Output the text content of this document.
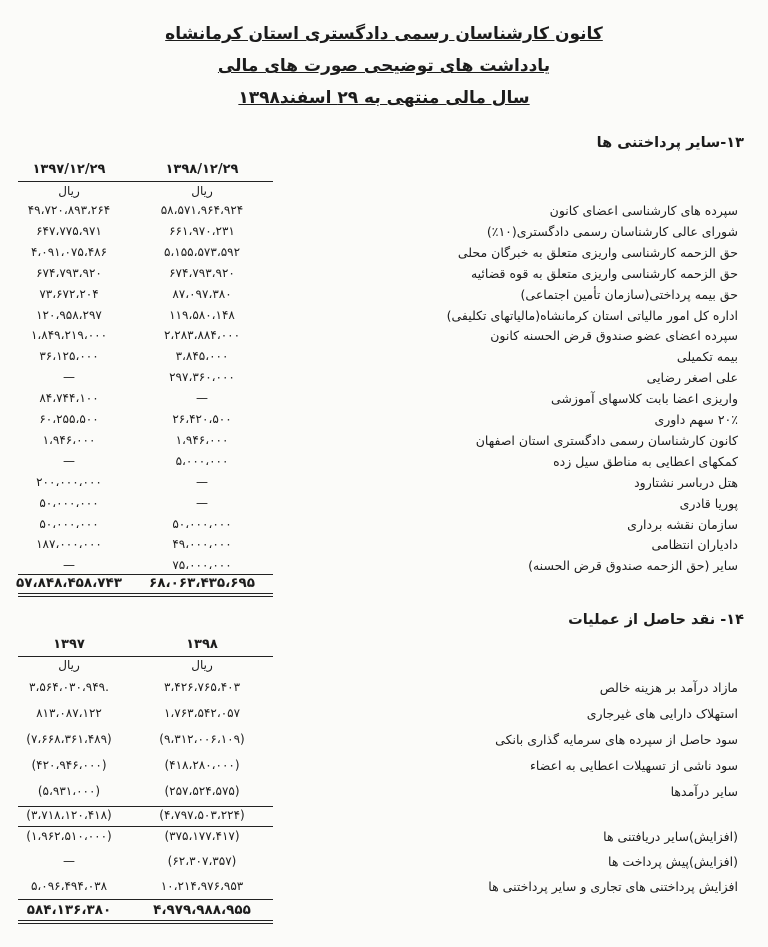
کانون کارشناسان رسمی دادگستری استان کرمانشاه
یادداشت های توضیحی صورت های مالی
سال مالی منتهی به ۲۹ اسفند۱۳۹۸
۱۳-سایر پرداختنی ها
۱۳۹۸/۱۲/۲۹
۱۳۹۷/۱۲/۲۹
ریال
ریال
سپرده های کارشناسی اعضای کانون
۵۸،۵۷۱،۹۶۴،۹۲۴
۴۹،۷۲۰،۸۹۳،۲۶۴
شورای عالی کارشناسان رسمی دادگستری(۱۰٪)
۶۶۱،۹۷۰،۲۳۱
۶۴۷،۷۷۵،۹۷۱
حق الزحمه کارشناسی واریزی متعلق به خبرگان محلی
۵،۱۵۵،۵۷۳،۵۹۲
۴،۰۹۱،۰۷۵،۴۸۶
حق الزحمه کارشناسی واریزی متعلق به قوه قضائیه
۶۷۴،۷۹۳،۹۲۰
۶۷۴،۷۹۳،۹۲۰
حق بیمه پرداختی(سازمان تأمین اجتماعی)
۸۷،۰۹۷،۳۸۰
۷۳،۶۷۲،۲۰۴
اداره کل امور مالیاتی استان کرمانشاه(مالیاتهای تکلیفی)
۱۱۹،۵۸۰،۱۴۸
۱۲۰،۹۵۸،۲۹۷
سپرده اعضای عضو صندوق قرض الحسنه کانون
۲،۲۸۳،۸۸۴،۰۰۰
۱،۸۴۹،۲۱۹،۰۰۰
بیمه تکمیلی
۳،۸۴۵،۰۰۰
۳۶،۱۲۵،۰۰۰
علی اصغر رضایی
۲۹۷،۳۶۰،۰۰۰
—
واریزی اعضا بابت کلاسهای آموزشی
—
۸۴،۷۴۴،۱۰۰
۲۰٪ سهم داوری
۲۶،۴۲۰،۵۰۰
۶۰،۲۵۵،۵۰۰
کانون کارشناسان رسمی دادگستری استان اصفهان
۱،۹۴۶،۰۰۰
۱،۹۴۶،۰۰۰
کمکهای اعطایی به مناطق سیل زده
۵،۰۰۰،۰۰۰
—
هتل درباسر نشتارود
—
۲۰۰،۰۰۰،۰۰۰
پوریا قادری
—
۵۰،۰۰۰،۰۰۰
سازمان نقشه برداری
۵۰،۰۰۰،۰۰۰
۵۰،۰۰۰،۰۰۰
دادیاران انتظامی
۴۹،۰۰۰،۰۰۰
۱۸۷،۰۰۰،۰۰۰
سایر (حق الزحمه صندوق قرض الحسنه)
۷۵،۰۰۰،۰۰۰
—
۶۸،۰۶۳،۴۳۵،۶۹۵
۵۷،۸۴۸،۴۵۸،۷۴۳
۱۴- نقد حاصل از عملیات
۱۳۹۸
۱۳۹۷
ریال
ریال
مازاد درآمد بر هزینه خالص
۳،۴۲۶،۷۶۵،۴۰۳
۳،۵۶۴،۰۳۰،۹۴۹.
استهلاک دارایی های غیرجاری
۱،۷۶۳،۵۴۲،۰۵۷
۸۱۳،۰۸۷،۱۲۲
سود حاصل از سپرده های سرمایه گذاری بانکی
(۹،۳۱۲،۰۰۶،۱۰۹)
(۷،۶۶۸،۳۶۱،۴۸۹)
سود ناشی از تسهیلات اعطایی به اعضاء
(۴۱۸،۲۸۰،۰۰۰)
(۴۲۰،۹۴۶،۰۰۰)
سایر درآمدها
(۲۵۷،۵۲۴،۵۷۵)
(۵،۹۳۱،۰۰۰)
(۴،۷۹۷،۵۰۳،۲۲۴)
(۳،۷۱۸،۱۲۰،۴۱۸)
(افزایش)سایر دریافتنی ها
(۳۷۵،۱۷۷،۴۱۷)
(۱،۹۶۲،۵۱۰،۰۰۰)
(افزایش)پیش پرداخت ها
(۶۲،۳۰۷،۳۵۷)
—
افزایش پرداختنی های تجاری و سایر پرداختنی ها
۱۰،۲۱۴،۹۷۶،۹۵۳
۵،۰۹۶،۴۹۴،۰۳۸
۴،۹۷۹،۹۸۸،۹۵۵
۵۸۴،۱۳۶،۳۸۰
